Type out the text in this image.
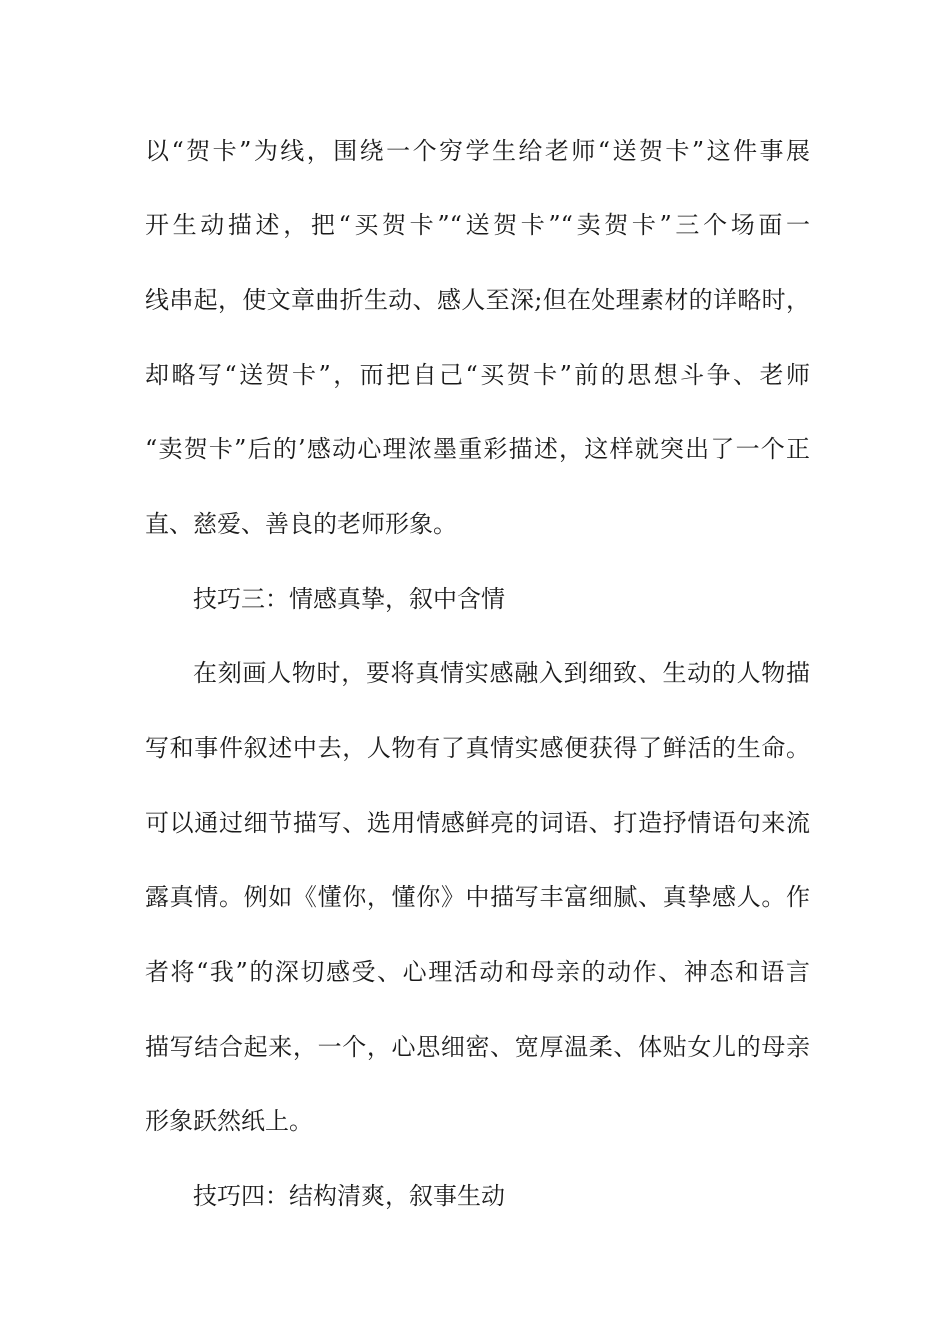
以“贺卡”为线，围绕一个穷学生给老师“送贺卡”这件事展
开生动描述，把“买贺卡”“送贺卡”“卖贺卡”三个场面一
线串起，使文章曲折生动、感人至深;但在处理素材的详略时，
却略写“送贺卡”，而把自己“买贺卡”前的思想斗争、老师
“卖贺卡”后的’感动心理浓墨重彩描述，这样就突出了一个正
直、慈爱、善良的老师形象。
技巧三：情感真挚，叙中含情
在刻画人物时，要将真情实感融入到细致、生动的人物描
写和事件叙述中去，人物有了真情实感便获得了鲜活的生命。
可以通过细节描写、选用情感鲜亮的词语、打造抒情语句来流
露真情。例如《懂你，懂你》中描写丰富细腻、真挚感人。作
者将“我”的深切感受、心理活动和母亲的动作、神态和语言
描写结合起来，一个，心思细密、宽厚温柔、体贴女儿的母亲
形象跃然纸上。
技巧四：结构清爽，叙事生动
